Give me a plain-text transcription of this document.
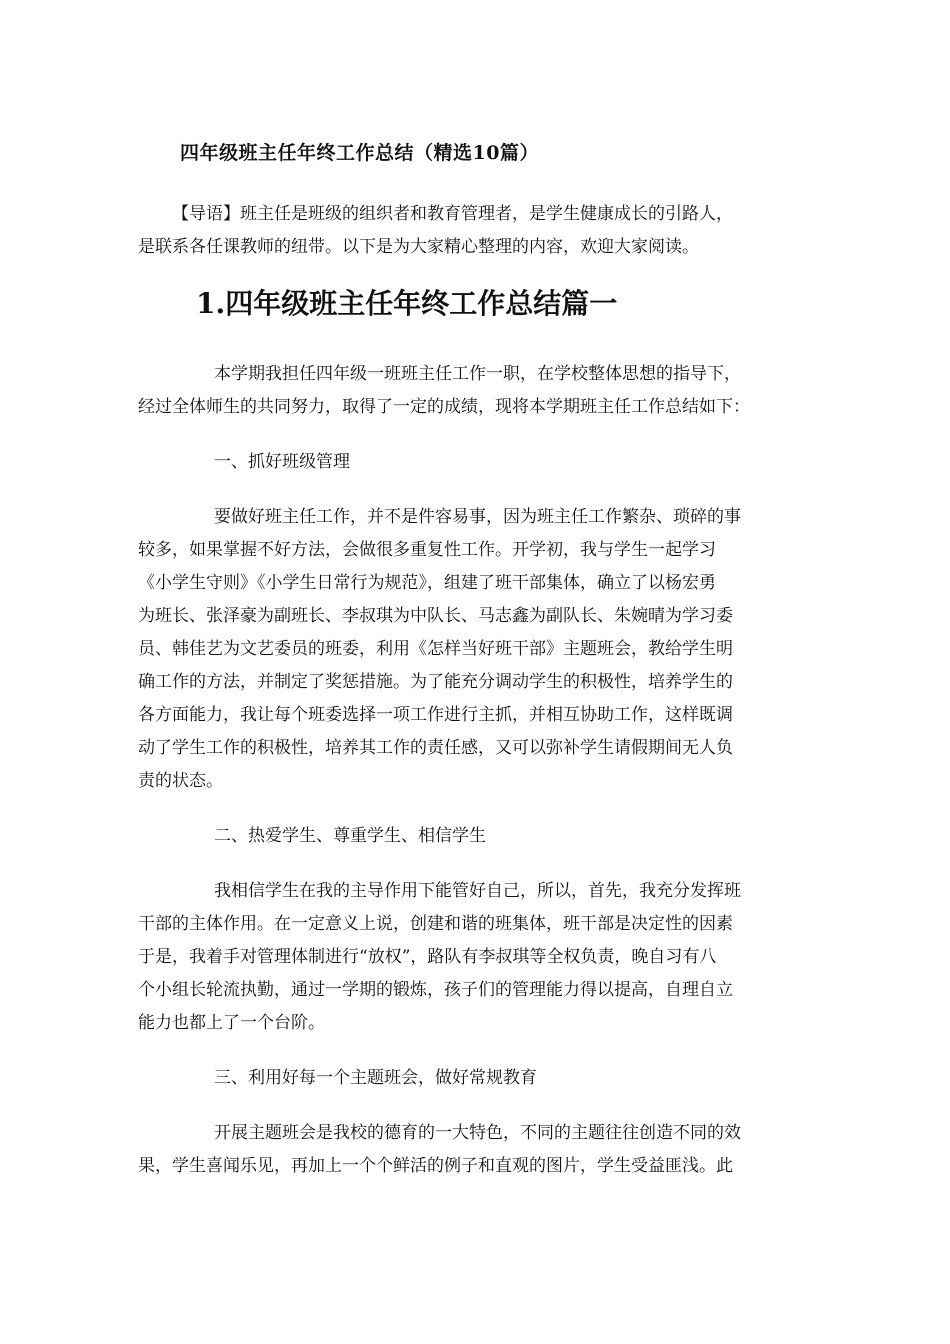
四年级班主任年终工作总结（精选10篇）
【导语】班主任是班级的组织者和教育管理者，是学生健康成长的引路人，
是联系各任课教师的纽带。以下是为大家精心整理的内容，欢迎大家阅读。
1.四年级班主任年终工作总结篇一
本学期我担任四年级一班班主任工作一职，在学校整体思想的指导下，
经过全体师生的共同努力，取得了一定的成绩，现将本学期班主任工作总结如下：
一、抓好班级管理
要做好班主任工作，并不是件容易事，因为班主任工作繁杂、琐碎的事
较多，如果掌握不好方法，会做很多重复性工作。开学初，我与学生一起学习
《小学生守则》《小学生日常行为规范》，组建了班干部集体，确立了以杨宏勇
为班长、张泽豪为副班长、李叔琪为中队长、马志鑫为副队长、朱婉晴为学习委
员、韩佳艺为文艺委员的班委，利用《怎样当好班干部》主题班会，教给学生明
确工作的方法，并制定了奖惩措施。为了能充分调动学生的积极性，培养学生的
各方面能力，我让每个班委选择一项工作进行主抓，并相互协助工作，这样既调
动了学生工作的积极性，培养其工作的责任感，又可以弥补学生请假期间无人负
责的状态。
二、热爱学生、尊重学生、相信学生
我相信学生在我的主导作用下能管好自己，所以，首先，我充分发挥班
干部的主体作用。在一定意义上说，创建和谐的班集体，班干部是决定性的因素
于是，我着手对管理体制进行“放权”，路队有李叔琪等全权负责，晚自习有八
个小组长轮流执勤，通过一学期的锻炼，孩子们的管理能力得以提高，自理自立
能力也都上了一个台阶。
三、利用好每一个主题班会，做好常规教育
开展主题班会是我校的德育的一大特色，不同的主题往往创造不同的效
果，学生喜闻乐见，再加上一个个鲜活的例子和直观的图片，学生受益匪浅。此
